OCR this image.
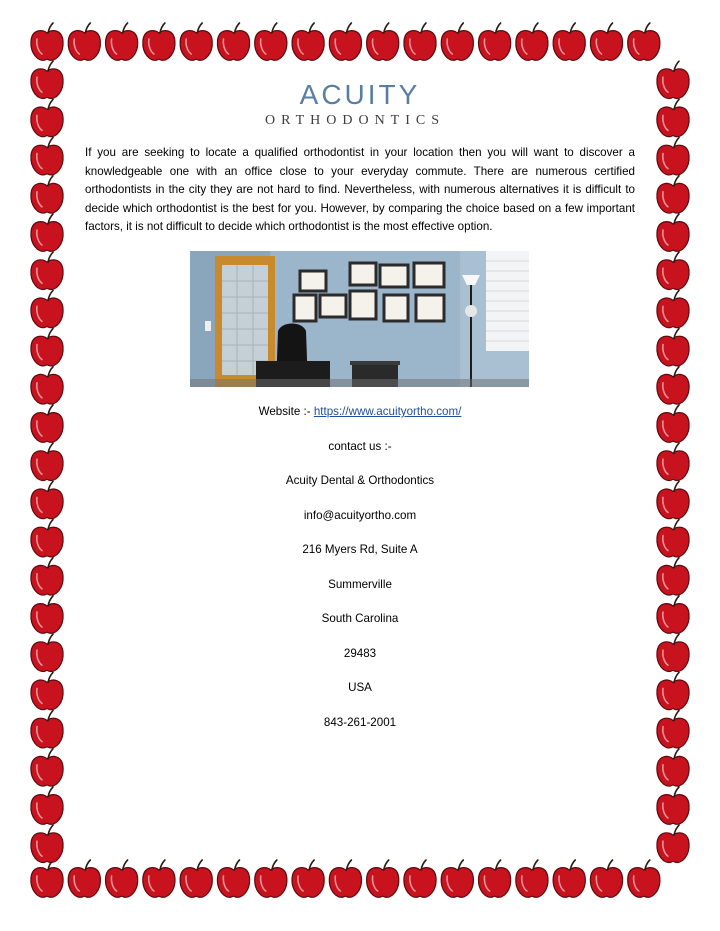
ACUITY
ORTHODONTICS

If you are seeking to locate a qualified orthodontist in your location then you will want to discover a knowledgeable one with an office close to your everyday commute. There are numerous certified orthodontists in the city they are not hard to find. Nevertheless, with numerous alternatives it is difficult to decide which orthodontist is the best for you. However, by comparing the choice based on a few important factors, it is not difficult to decide which orthodontist is the most effective option.

Website :- https://www.acuityortho.com/
contact us :-
Acuity Dental & Orthodontics
info@acuityortho.com
216 Myers Rd, Suite A
Summerville
South Carolina
29483
USA
843-261-2001
